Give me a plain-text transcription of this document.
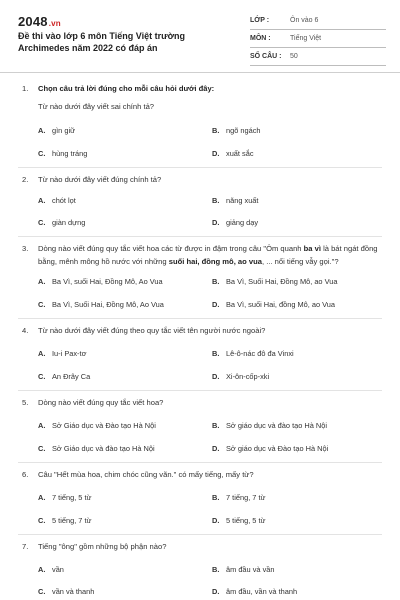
2048.vn
Đề thi vào lớp 6 môn Tiếng Việt trường Archimedes năm 2022 có đáp án
LỚP :	Ôn vào 6
MÔN :	Tiếng Việt
SỐ CÂU :	50
1.	Chọn câu trả lời đúng cho mỗi câu hỏi dưới đây:
Từ nào dưới đây viết sai chính tả?
A. gìn giữ	B. ngõ ngách
C. hùng tráng	D. xuất sắc
2.	Từ nào dưới đây viết đúng chính tả?
A. chót lọt	B. năng xuất
C. giàn dựng	D. giảng dạy
3.	Dòng nào viết đúng quy tắc viết hoa các từ được in đậm trong câu "Ôm quanh ba vì là bát ngát đồng bằng, mênh mông hồ nước với những suối hai, đồng mô, ao vua, ... nổi tiếng vẫy gọi."?
A. Ba Vì, suối Hai, Đồng Mô, Ao Vua	B. Ba Vì, Suối Hai, Đồng Mô, ao Vua
C. Ba Vì, Suối Hai, Đồng Mô, Ao Vua	D. Ba Vì, suối Hai, đồng Mô, ao Vua
4.	Từ nào dưới đây viết đúng theo quy tắc viết tên người nước ngoài?
A. Iu-i Pax-tơ	B. Lê-ô-nác đô đa Vinxi
C. An Đrây Ca	D. Xi-ôn-cốp-xki
5.	Dòng nào viết đúng quy tắc viết hoa?
A. Sở Giáo dục và Đào tạo Hà Nội	B. Sở giáo dục và đào tạo Hà Nội
C. Sở Giáo dục và đào tạo Hà Nội	D. Sở giáo dục và Đào tạo Hà Nội
6.	Câu "Hết mùa hoa, chim chóc cũng vãn." có mấy tiếng, mấy từ?
A. 7 tiếng, 5 từ	B. 7 tiếng, 7 từ
C. 5 tiếng, 7 từ	D. 5 tiếng, 5 từ
7.	Tiếng "ông" gồm những bộ phận nào?
A. vần	B. âm đầu và vần
C. vần và thanh	D. âm đầu, vần và thanh
